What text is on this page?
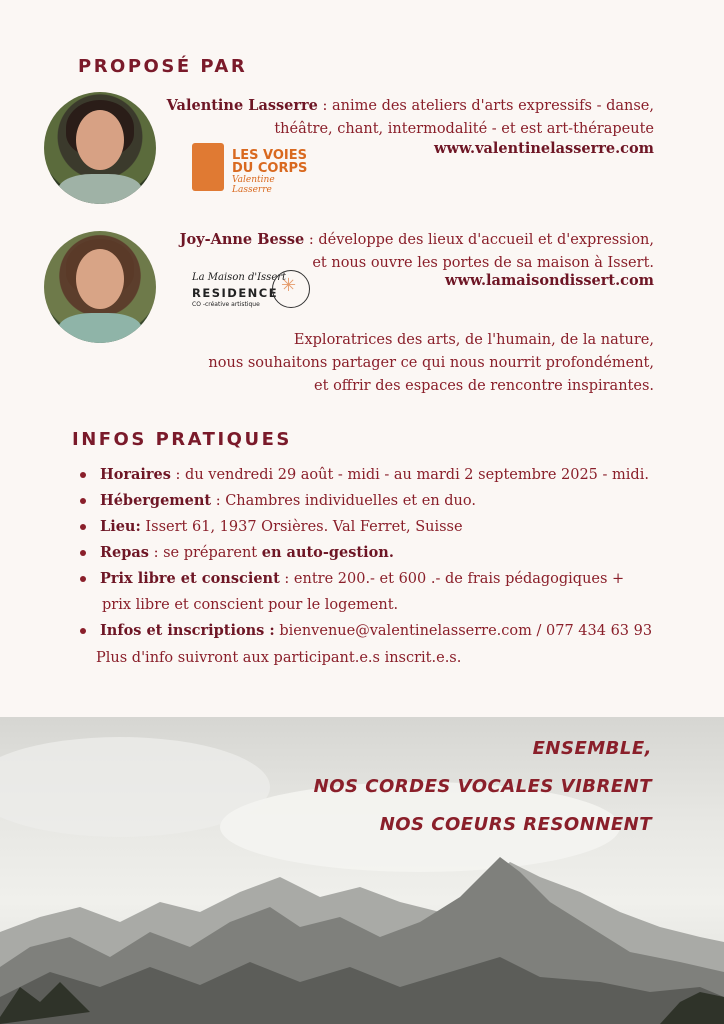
PROPOSÉ PAR
Valentine Lasserre : anime des ateliers d'arts expressifs - danse,
théâtre, chant, intermodalité - et est art-thérapeute
www.valentinelasserre.com
LES VOIES
DU CORPS
Valentine Lasserre
Joy-Anne Besse : développe des lieux d'accueil et d'expression,
et nous ouvre les portes de sa maison à Issert.
www.lamaisondissert.com
La Maison d'Issert
RESIDENCE
CO -créative artistique
✳
Exploratrices des arts, de l'humain, de la nature,
nous souhaitons partager ce qui nous nourrit profondément,
et offrir des espaces de rencontre inspirantes.
INFOS PRATIQUES
Horaires : du vendredi 29 août - midi - au mardi 2 septembre 2025 - midi.
Hébergement : Chambres individuelles et en duo.
Lieu: Issert 61, 1937 Orsières. Val Ferret, Suisse
Repas : se préparent en auto-gestion.
Prix libre et conscient : entre 200.- et 600 .- de frais pédagogiques +
prix libre et conscient pour le logement.
Infos et inscriptions : bienvenue@valentinelasserre.com / 077 434 63 93
Plus d'info suivront aux participant.e.s inscrit.e.s.
ENSEMBLE,
NOS CORDES VOCALES VIBRENT
NOS COEURS RESONNENT
